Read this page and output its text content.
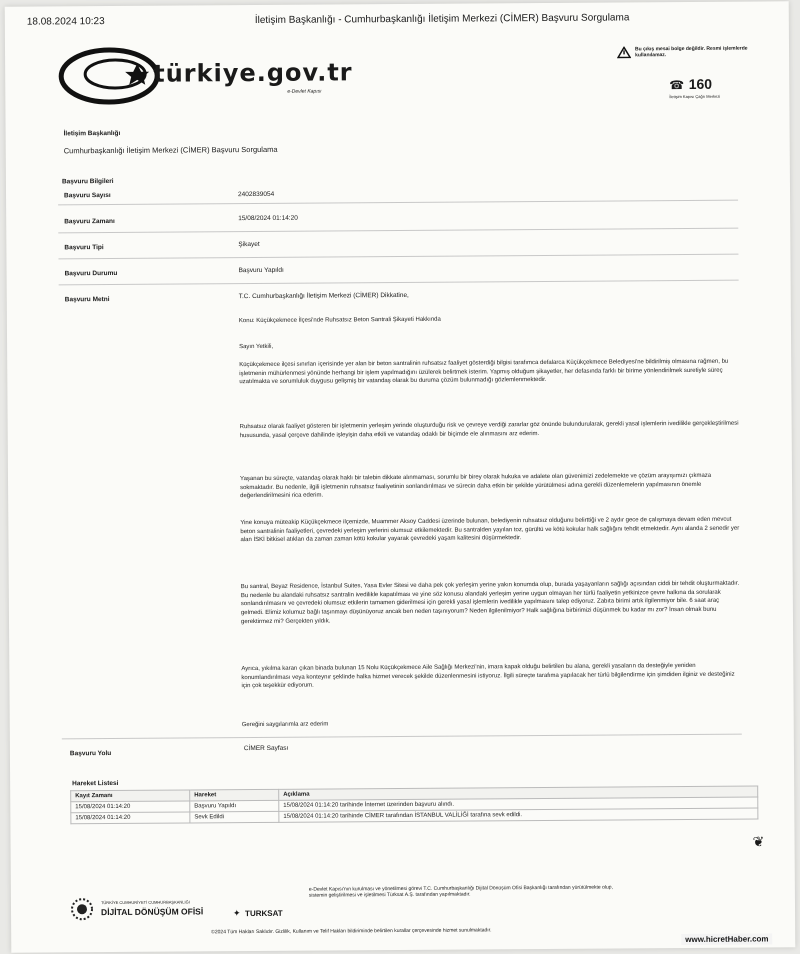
18.08.2024 10:23	İletişim Başkanlığı - Cumhurbaşkanlığı İletişim Merkezi (CİMER) Başvuru Sorgulama
türkiye.gov.tr
e-Devlet Kapısı
Bu çıkış mesai bolge değildir. Resmi işlemlerde kullanılamaz.
☎ 160
İletişim Kapısı Çağrı Merkezi
İletişim Başkanlığı
Cumhurbaşkanlığı İletişim Merkezi (CİMER) Başvuru Sorgulama
Başvuru Bilgileri
Başvuru Sayısı	2402839054
Başvuru Zamanı	15/08/2024 01:14:20
Başvuru Tipi	Şikayet
Başvuru Durumu	Başvuru Yapıldı
Başvuru Metni	T.C. Cumhurbaşkanlığı İletişim Merkezi (CİMER) Dikkatine,
Konu: Küçükçekmece İlçesi'nde Ruhsatsız Beton Santrali Şikayeti Hakkında
Sayın Yetkili,
Küçükçekmece ilçesi sınırları içerisinde yer alan bir beton santralinin ruhsatsız faaliyet gösterdiği bilgisi tarafımca defalarca Küçükçekmece Belediyesi'ne bildirilmiş olmasına rağmen, bu işletmenin mühürlenmesi yönünde herhangi bir işlem yapılmadığını üzülerek belirtmek isterim. Yapmış olduğum şikayetler, her defasında farklı bir birime yönlendirilmek suretiyle süreç uzatılmakta ve sorumluluk duygusu gelişmiş bir vatandaş olarak bu duruma çözüm bulunmadığı gözlemlenmektedir.
Ruhsatsız olarak faaliyet gösteren bir işletmenin yerleşim yerinde oluşturduğu risk ve çevreye verdiği zararlar göz önünde bulundurularak, gerekli yasal işlemlerin ivedilikle gerçekleştirilmesi hususunda, yasal çerçeve dahilinde işleyişin daha etkili ve vatandaş odaklı bir biçimde ele alınmasını arz ederim.
Yaşanan bu süreçte, vatandaş olarak haklı bir talebin dikkate alınmaması, sorumlu bir birey olarak hukuka ve adalete olan güvenimizi zedelemekte ve çözüm arayışımızı çıkmaza sokmaktadır. Bu nedenle, ilgili işletmenin ruhsatsız faaliyetinin sonlandırılması ve sürecin daha etkin bir şekilde yürütülmesi adına gerekli düzenlemelerin yapılmasının önemle değerlendirilmesini rica ederim.
Yine konuya müteakip Küçükçekmece ilçemizde, Muammer Aksoy Caddesi üzerinde bulunan, belediyenin ruhsatsız olduğunu belirttiği ve 2 aydır gece de çalışmaya devam eden mevcut beton santralinin faaliyetleri, çevredeki yerleşim yerlerini olumsuz etkilemektedir. Bu santralden yayılan toz, gürültü ve kötü kokular halk sağlığını tehdit etmektedir. Aynı alanda 2 senedir yer alan İSKİ bitkisel atıkları da zaman zaman kötü kokular yayarak çevredeki yaşam kalitesini düşürmektedir.
Bu santral, Beyaz Residence, İstanbul Suites, Yasa Evler Sitesi ve daha pek çok yerleşim yerine yakın konumda olup, burada yaşayanların sağlığı açısından ciddi bir tehdit oluşturmaktadır. Bu nedenle bu alandaki ruhsatsız santralin ivedilikle kapatılması ve yine söz konusu alandaki yerleşim yerine uygun olmayan her türlü faaliyetin yetkinizce çevre halkına da sorularak sonlandırılmasını ve çevredeki olumsuz etkilerin tamamen giderilmesi için gerekli yasal işlemlerin ivedilikle yapılmasını talep ediyoruz. Zabıta birimi artık ilgilenmiyor bile. 6 saat araç gelmedi. Elimiz kolumuz bağlı taşınmayı düşünüyoruz ancak ben neden taşınıyorum? Neden ilgilenilmiyor? Halk sağlığına birbirimizi düşünmek bu kadar mı zor? İnsan olmak bunu gerektirmez mi? Gerçekten yıldık.
Ayrıca, yıkılma kararı çıkan binada bulunan 15 Nolu Küçükçekmece Aile Sağlığı Merkezi'nin, imara kapak olduğu belirtilen bu alana, gerekli yasaların da desteğiyle yeniden konumlandırılması veya konteynır şeklinde halka hizmet verecek şekilde düzenlenmesini istiyoruz. İlgili süreçte tarafıma yapılacak her türlü bilgilendirme için şimdiden ilginiz ve desteğiniz için çok teşekkür ediyorum.
Gereğini saygılarımla arz ederim
Başvuru Yolu
CİMER Sayfası
Hareket Listesi
Kayıt Zamanı	Hareket	Açıklama
15/08/2024 01:14:20	Başvuru Yapıldı	15/08/2024 01:14:20 tarihinde İnternet üzerinden başvuru alındı.
15/08/2024 01:14:20	Sevk Edildi	15/08/2024 01:14:20 tarihinde CİMER tarafından İSTANBUL VALİLİĞİ tarafına sevk edildi.
TÜRKİYE CUMHURİYETİ CUMHURBAŞKANLIĞI
DİJİTAL DÖNÜŞÜM OFİSİ	✦ TURKSAT
e-Devlet Kapısı'nın kurulması ve yönetilmesi görevi T.C. Cumhurbaşkanlığı Dijital Dönüşüm Ofisi Başkanlığı tarafından yürütülmekte olup,
sistemin geliştirilmesi ve işletilmesi Türksat A.Ş. tarafından yapılmaktadır.
©2024 Tüm Hakları Saklıdır. Gizlilik, Kullanım ve Telif Hakları bildiriminde belirtilen kurallar çerçevesinde hizmet sunulmaktadır.
❦
www.hicretHaber.com
